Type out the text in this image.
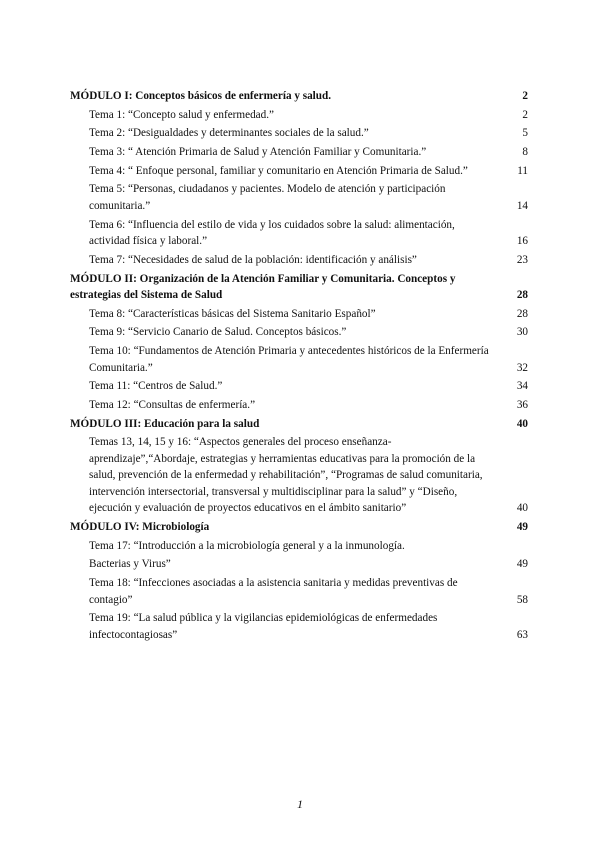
MÓDULO I: Conceptos básicos de enfermería y salud.	2
Tema 1: “Concepto salud y enfermedad.”	2
Tema 2: “Desigualdades y determinantes sociales de la salud.”	5
Tema 3: “ Atención Primaria de Salud y Atención Familiar y Comunitaria.”	8
Tema 4: “ Enfoque personal, familiar y comunitario en Atención Primaria de Salud.”	11
Tema 5: “Personas, ciudadanos y pacientes. Modelo de atención y participación comunitaria.”	14
Tema 6: “Influencia del estilo de vida y los cuidados sobre la salud: alimentación, actividad física y laboral.”	16
Tema 7: “Necesidades de salud de la población: identificación y análisis”	23
MÓDULO II: Organización de la Atención Familiar y Comunitaria. Conceptos y estrategias del Sistema de Salud	28
Tema 8: “Características básicas del Sistema Sanitario Español”	28
Tema 9: “Servicio Canario de Salud. Conceptos básicos.”	30
Tema 10: “Fundamentos de Atención Primaria y antecedentes históricos de la Enfermería Comunitaria.”	32
Tema 11: “Centros de Salud.”	34
Tema 12: “Consultas de enfermería.”	36
MÓDULO III: Educación para la salud	40
Temas 13, 14, 15 y 16: “Aspectos generales del proceso enseñanza-aprendizaje”,“Abordaje, estrategias y herramientas educativas para la promoción de la salud, prevención de la enfermedad y rehabilitación”, “Programas de salud comunitaria, intervención intersectorial, transversal y multidisciplinar para la salud” y “Diseño, ejecución y evaluación de proyectos educativos en el ámbito sanitario”	40
MÓDULO IV: Microbiología	49
Tema 17: “Introducción a la microbiología general y a la inmunología.
Bacterias y Virus”	49
Tema 18: “Infecciones asociadas a la asistencia sanitaria y medidas preventivas de contagio”	58
Tema 19: “La salud pública y la vigilancias epidemiológicas de enfermedades infectocontagiosas”	63
1
